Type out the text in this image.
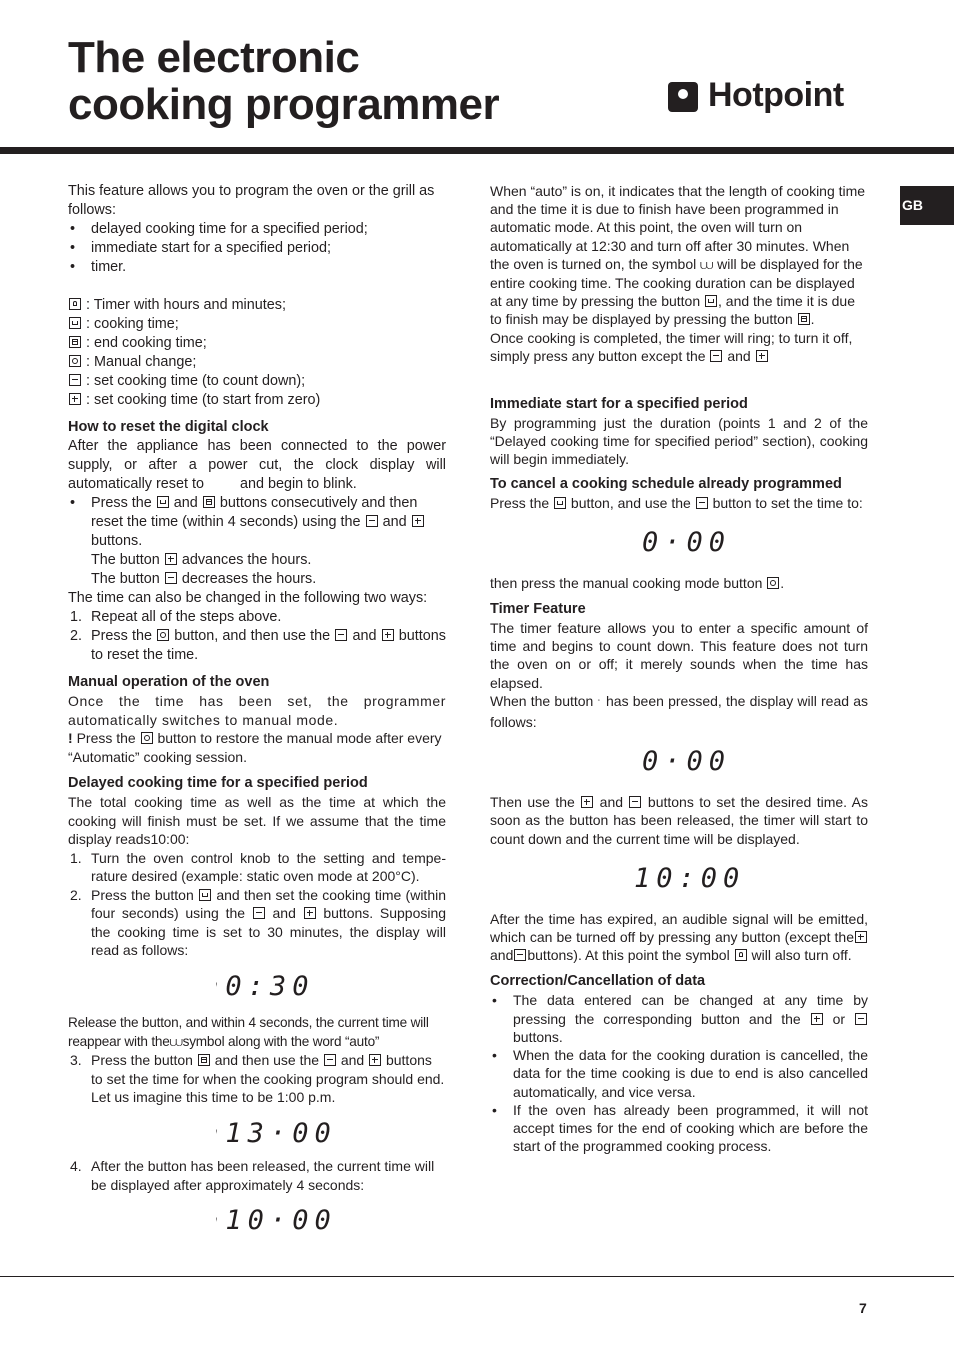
The electronic
cooking programmer	Hotpoint
GB

This feature allows you to program the oven or the grill as follows:

• delayed cooking time for a specified period;
• immediate start for a specified period;
• timer.

: Timer with hours and minutes;

: cooking time;

: end cooking time;

: Manual change;

: set cooking time (to count down);

: set cooking time (to start from zero)

How to reset the digital clock

After the appliance has been connected to the power supply, or after a power cut, the clock display will automatically reset to         and begin to blink.

• Press the and buttons consecutively and then reset the time (within 4 seconds) using the and  buttons.
The button advances the hours.
The button decreases the hours.

The time can also be changed in the following two ways:

1. Repeat all of the steps above.
2. Press the button, and then use the and buttons to reset the time.
Manual operation of the oven

Once the time has been set, the programmer automatically switches to manual mode.

! Press the button to restore the manual mode after every “Automatic” cooking session.

Delayed cooking time for a specified period

The total cooking time as well as the time at which the cooking will finish must be set. If we assume that the time display reads10:00:

1. Turn the oven control knob to the setting and tempe-rature desired (example: static oven mode at 200°C).
2. Press the button and then set the cooking time (within four seconds) using the and buttons. Supposing the cooking time is set to 30 minutes, the display will read as follows:
ꜝ 0:30

Release the button, and within 4 seconds, the current time will reappear with the⩊symbol along with the word “auto”

3. Press the button and then use the and buttons to set the time for when the cooking program should end. Let us imagine this time to be 1:00 p.m.
ꜝ 13·00
4. After the button has been released, the current time will be displayed after approximately 4 seconds:
ꜝ 10·00

When “auto” is on, it indicates that the length of cooking time and the time it is due to finish have been programmed in automatic mode. At this point, the oven will turn on automatically at 12:30 and turn off after 30 minutes. When the oven is turned on, the symbol ⩊ will be displayed for the entire cooking time. The cooking duration can be displayed at any time by pressing the button , and the time it is due to finish may be displayed by pressing the button .
Once cooking is completed, the timer will ring; to turn it off, simply press any button except the and

Immediate start for a specified period

By programming just the duration (points 1 and 2 of the “Delayed cooking time for specified period” section), cooking will begin immediately.

To cancel a cooking schedule already programmed

Press the button, and use the button to set the time to:

0·00

then press the manual cooking mode button .

Timer Feature

The timer feature allows you to enter a specific amount of time and begins to count down. This feature does not turn the oven on or off; it merely sounds when the time has elapsed.

When the button ﾟ has been pressed, the display will read as follows:

0·00

Then use the and buttons to set the desired time. As soon as the button has been released, the timer will start to count down and the current time will be displayed.

10:00

After the time has expired, an audible signal will be emitted, which can be turned off by pressing any button (except theand buttons). At this point the symbol will also turn off.

Correction/Cancellation of data
• The data entered can be changed at any time by pressing the corresponding button and the or  buttons.
• When the data for the cooking duration is cancelled, the data for the time cooking is due to end is also cancelled automatically, and vice versa.
• If the oven has already been programmed, it will not accept times for the end of cooking which are before the start of the programmed cooking process.
7
